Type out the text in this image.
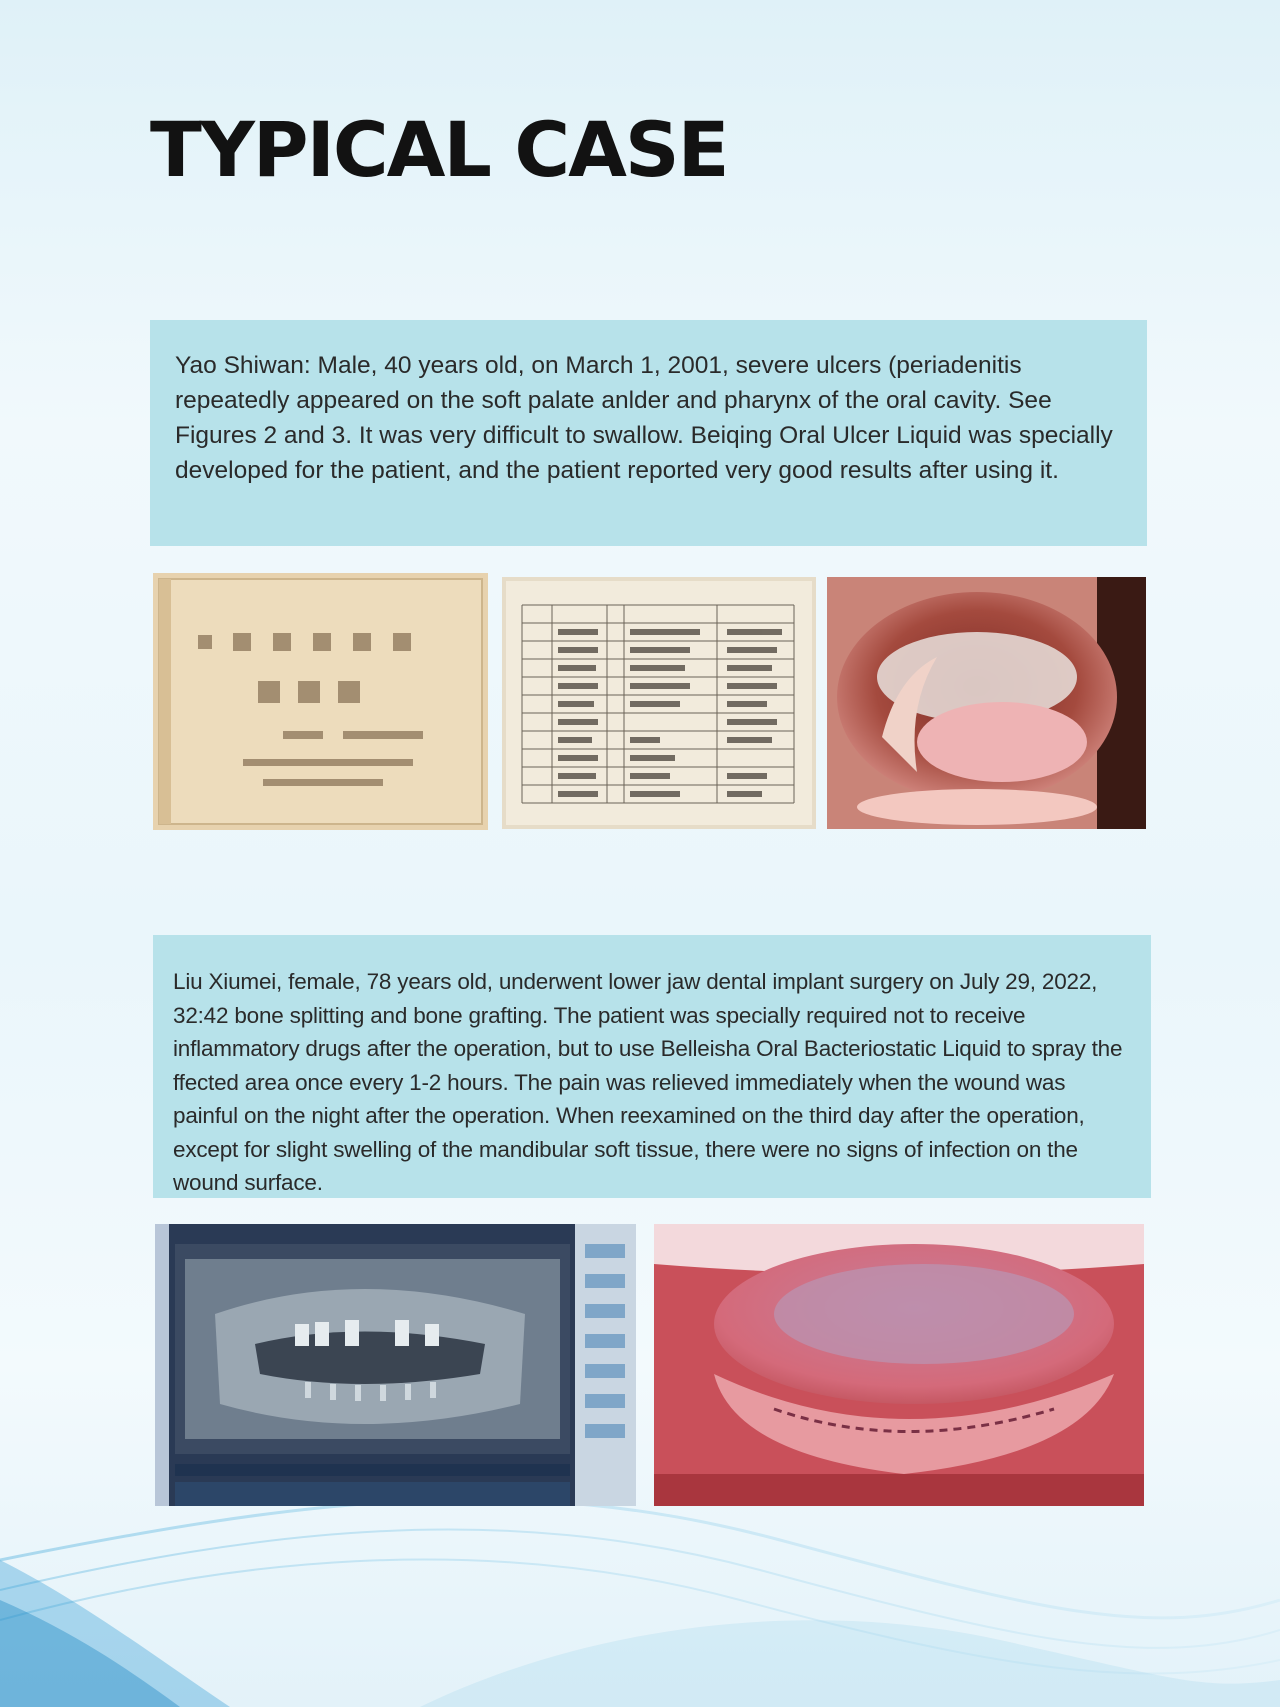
TYPICAL CASE
Yao Shiwan: Male, 40 years old, on March 1, 2001, severe ulcers (periadenitis repeatedly appeared on the soft palate anlder and pharynx of the oral cavity. See Figures 2 and 3. It was very difficult to swallow. Beiqing Oral Ulcer Liquid was specially developed for the patient, and the patient reported very good results after using it.
Liu Xiumei, female, 78 years old, underwent lower jaw dental implant surgery on July 29, 2022, 32:42 bone splitting and bone grafting. The patient was specially required not to receive inflammatory drugs after the operation, but to use Belleisha Oral Bacteriostatic Liquid to spray the ffected area once every 1-2 hours. The pain was relieved immediately when the wound was painful on the night after the operation. When reexamined on the third day after the operation, except for slight swelling of the mandibular soft tissue, there were no signs of infection on the wound surface.
